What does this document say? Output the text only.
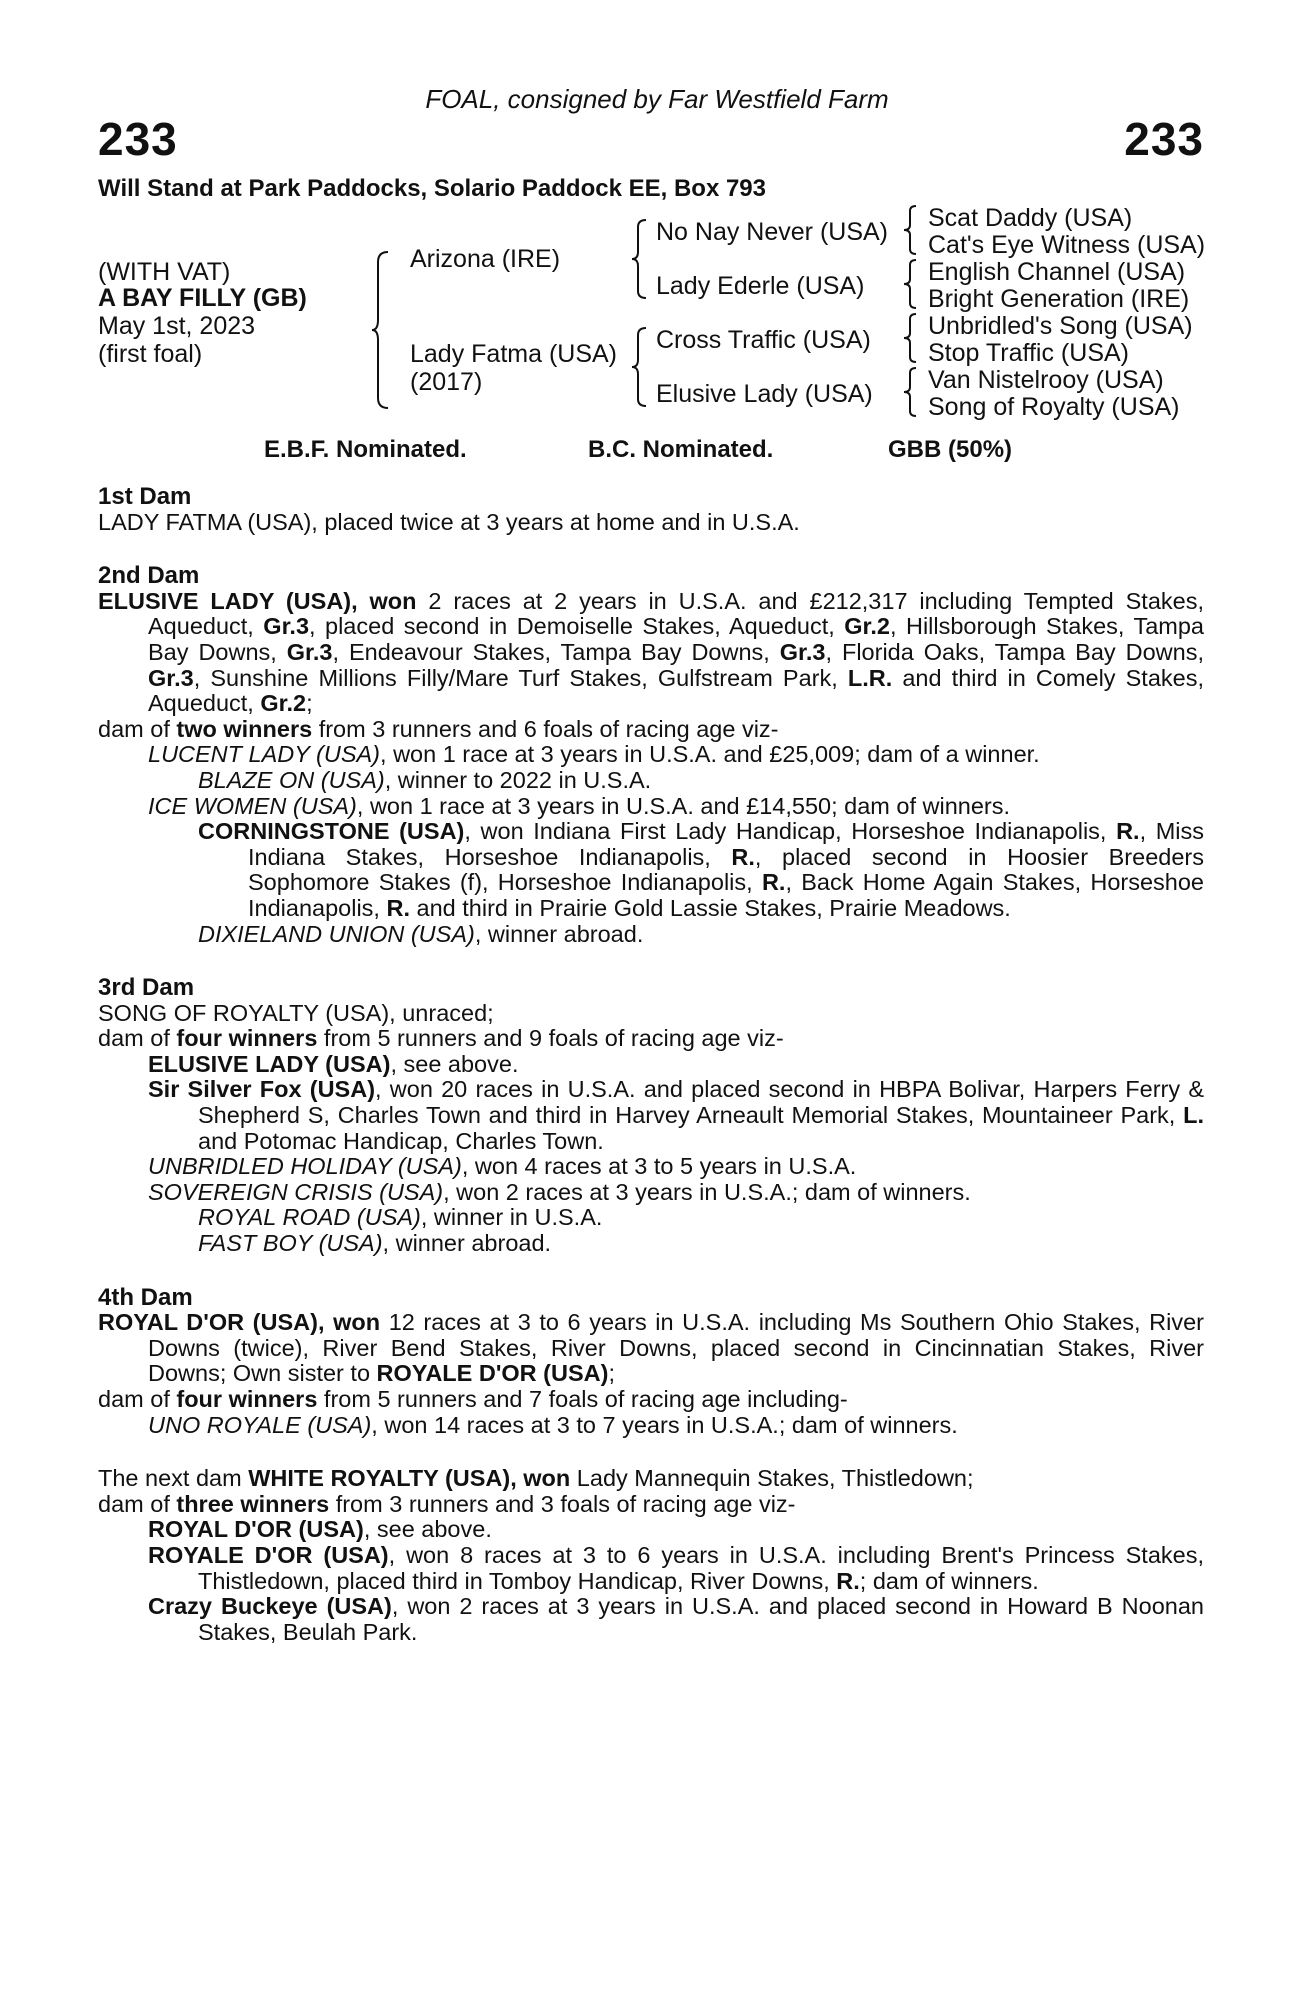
FOAL, consigned by Far Westfield Farm
233	233
Will Stand at Park Paddocks, Solario Paddock EE, Box 793
(WITH VAT)
A BAY FILLY (GB)
May 1st, 2023
(first foal)
Arizona (IRE)
Lady Fatma (USA)
(2017)
No Nay Never (USA)
Lady Ederle (USA)
Cross Traffic (USA)
Elusive Lady (USA)
Scat Daddy (USA)
Cat's Eye Witness (USA)
English Channel (USA)
Bright Generation (IRE)
Unbridled's Song (USA)
Stop Traffic (USA)
Van Nistelrooy (USA)
Song of Royalty (USA)
E.B.F. Nominated.	B.C. Nominated.	GBB (50%)
1st Dam
LADY FATMA (USA), placed twice at 3 years at home and in U.S.A.
2nd Dam
ELUSIVE LADY (USA), won 2 races at 2 years in U.S.A. and £212,317 including Tempted Stakes, Aqueduct, Gr.3, placed second in Demoiselle Stakes, Aqueduct, Gr.2, Hillsborough Stakes, Tampa Bay Downs, Gr.3, Endeavour Stakes, Tampa Bay Downs, Gr.3, Florida Oaks, Tampa Bay Downs, Gr.3, Sunshine Millions Filly/Mare Turf Stakes, Gulfstream Park, L.R. and third in Comely Stakes, Aqueduct, Gr.2;
dam of two winners from 3 runners and 6 foals of racing age viz-
LUCENT LADY (USA), won 1 race at 3 years in U.S.A. and £25,009; dam of a winner.
BLAZE ON (USA), winner to 2022 in U.S.A.
ICE WOMEN (USA), won 1 race at 3 years in U.S.A. and £14,550; dam of winners.
CORNINGSTONE (USA), won Indiana First Lady Handicap, Horseshoe Indianapolis, R., Miss Indiana Stakes, Horseshoe Indianapolis, R., placed second in Hoosier Breeders Sophomore Stakes (f), Horseshoe Indianapolis, R., Back Home Again Stakes, Horseshoe Indianapolis, R. and third in Prairie Gold Lassie Stakes, Prairie Meadows.
DIXIELAND UNION (USA), winner abroad.
3rd Dam
SONG OF ROYALTY (USA), unraced;
dam of four winners from 5 runners and 9 foals of racing age viz-
ELUSIVE LADY (USA), see above.
Sir Silver Fox (USA), won 20 races in U.S.A. and placed second in HBPA Bolivar, Harpers Ferry & Shepherd S, Charles Town and third in Harvey Arneault Memorial Stakes, Mountaineer Park, L. and Potomac Handicap, Charles Town.
UNBRIDLED HOLIDAY (USA), won 4 races at 3 to 5 years in U.S.A.
SOVEREIGN CRISIS (USA), won 2 races at 3 years in U.S.A.; dam of winners.
ROYAL ROAD (USA), winner in U.S.A.
FAST BOY (USA), winner abroad.
4th Dam
ROYAL D'OR (USA), won 12 races at 3 to 6 years in U.S.A. including Ms Southern Ohio Stakes, River Downs (twice), River Bend Stakes, River Downs, placed second in Cincinnatian Stakes, River Downs; Own sister to ROYALE D'OR (USA);
dam of four winners from 5 runners and 7 foals of racing age including-
UNO ROYALE (USA), won 14 races at 3 to 7 years in U.S.A.; dam of winners.
The next dam WHITE ROYALTY (USA), won Lady Mannequin Stakes, Thistledown;
dam of three winners from 3 runners and 3 foals of racing age viz-
ROYAL D'OR (USA), see above.
ROYALE D'OR (USA), won 8 races at 3 to 6 years in U.S.A. including Brent's Princess Stakes, Thistledown, placed third in Tomboy Handicap, River Downs, R.; dam of winners.
Crazy Buckeye (USA), won 2 races at 3 years in U.S.A. and placed second in Howard B Noonan Stakes, Beulah Park.
